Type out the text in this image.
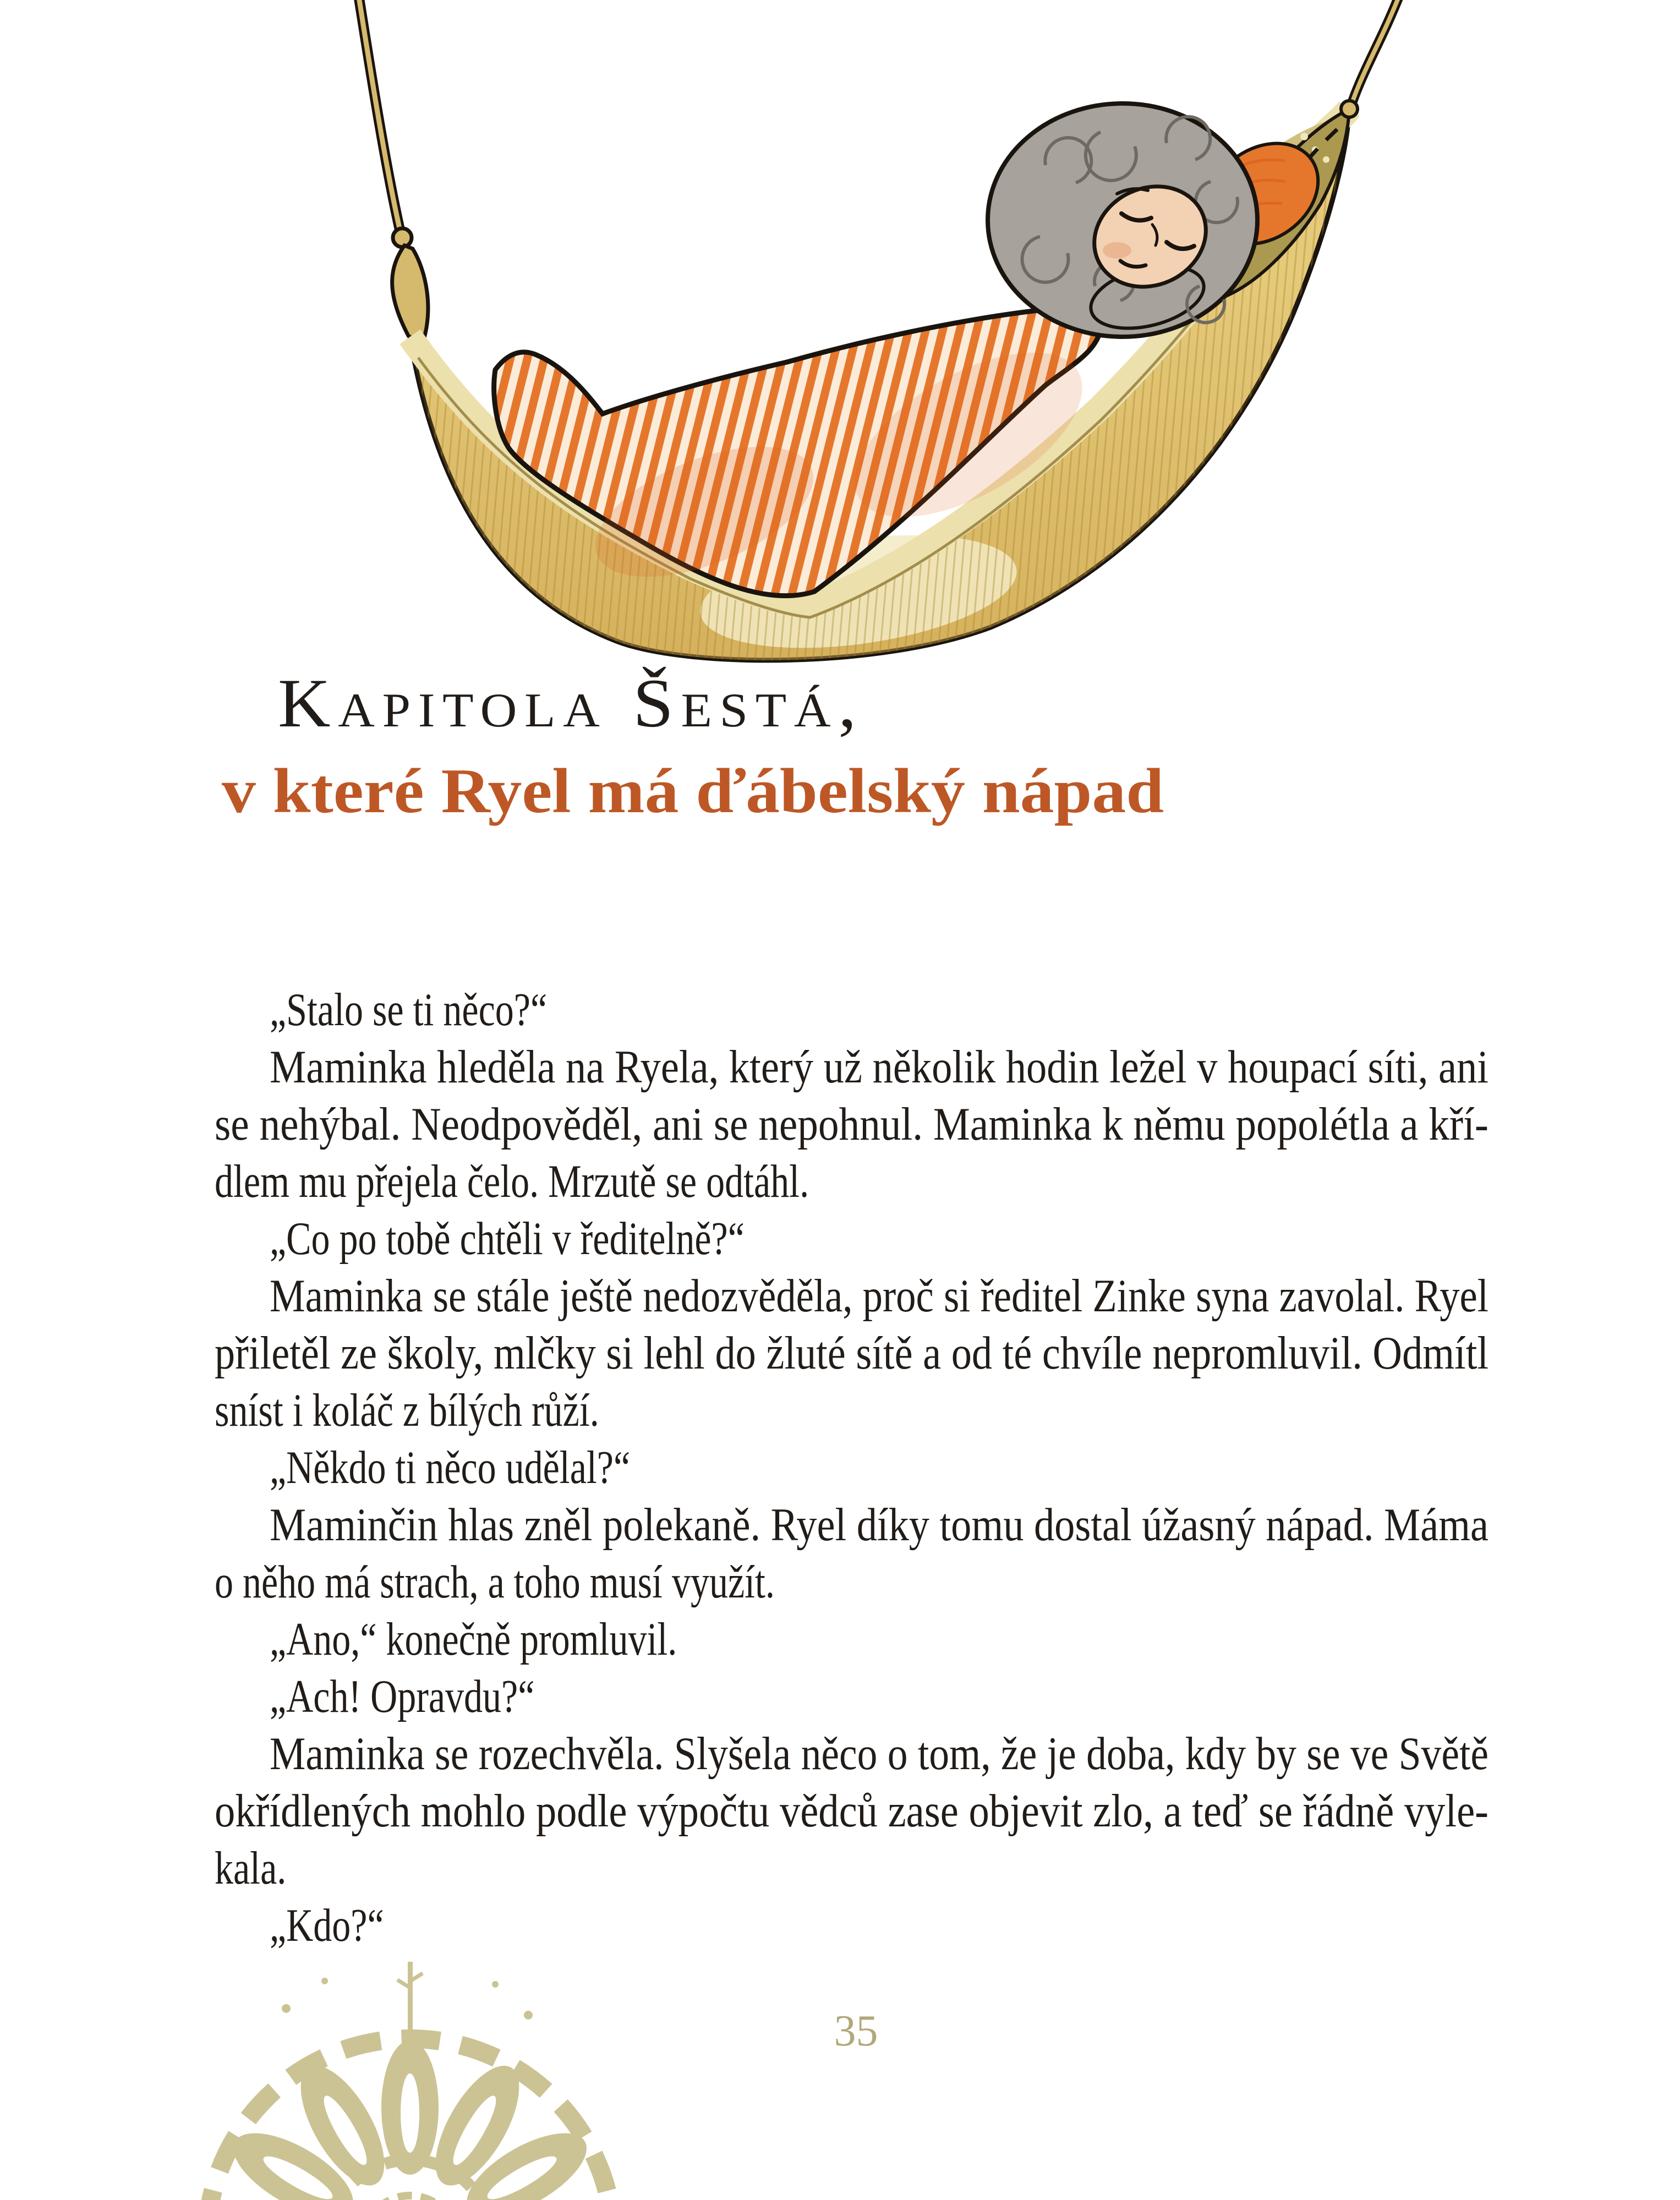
Kapitola Šestá,
v které Ryel má ďábelský nápad
„Stalo se ti něco?“
Maminka hleděla na Ryela, který už několik hodin ležel v houpací síti, ani
se nehýbal. Neodpověděl, ani se nepohnul. Maminka k němu popolétla a kří-
dlem mu přejela čelo. Mrzutě se odtáhl.
„Co po tobě chtěli v ředitelně?“
Maminka se stále ještě nedozvěděla, proč si ředitel Zinke syna zavolal. Ryel
přiletěl ze školy, mlčky si lehl do žluté sítě a od té chvíle nepromluvil. Odmítl
sníst i koláč z bílých růží.
„Někdo ti něco udělal?“
Maminčin hlas zněl polekaně. Ryel díky tomu dostal úžasný nápad. Máma
o něho má strach, a toho musí využít.
„Ano,“ konečně promluvil.
„Ach! Opravdu?“
Maminka se rozechvěla. Slyšela něco o tom, že je doba, kdy by se ve Světě
okřídlených mohlo podle výpočtu vědců zase objevit zlo, a teď se řádně vyle-
kala.
„Kdo?“
35
